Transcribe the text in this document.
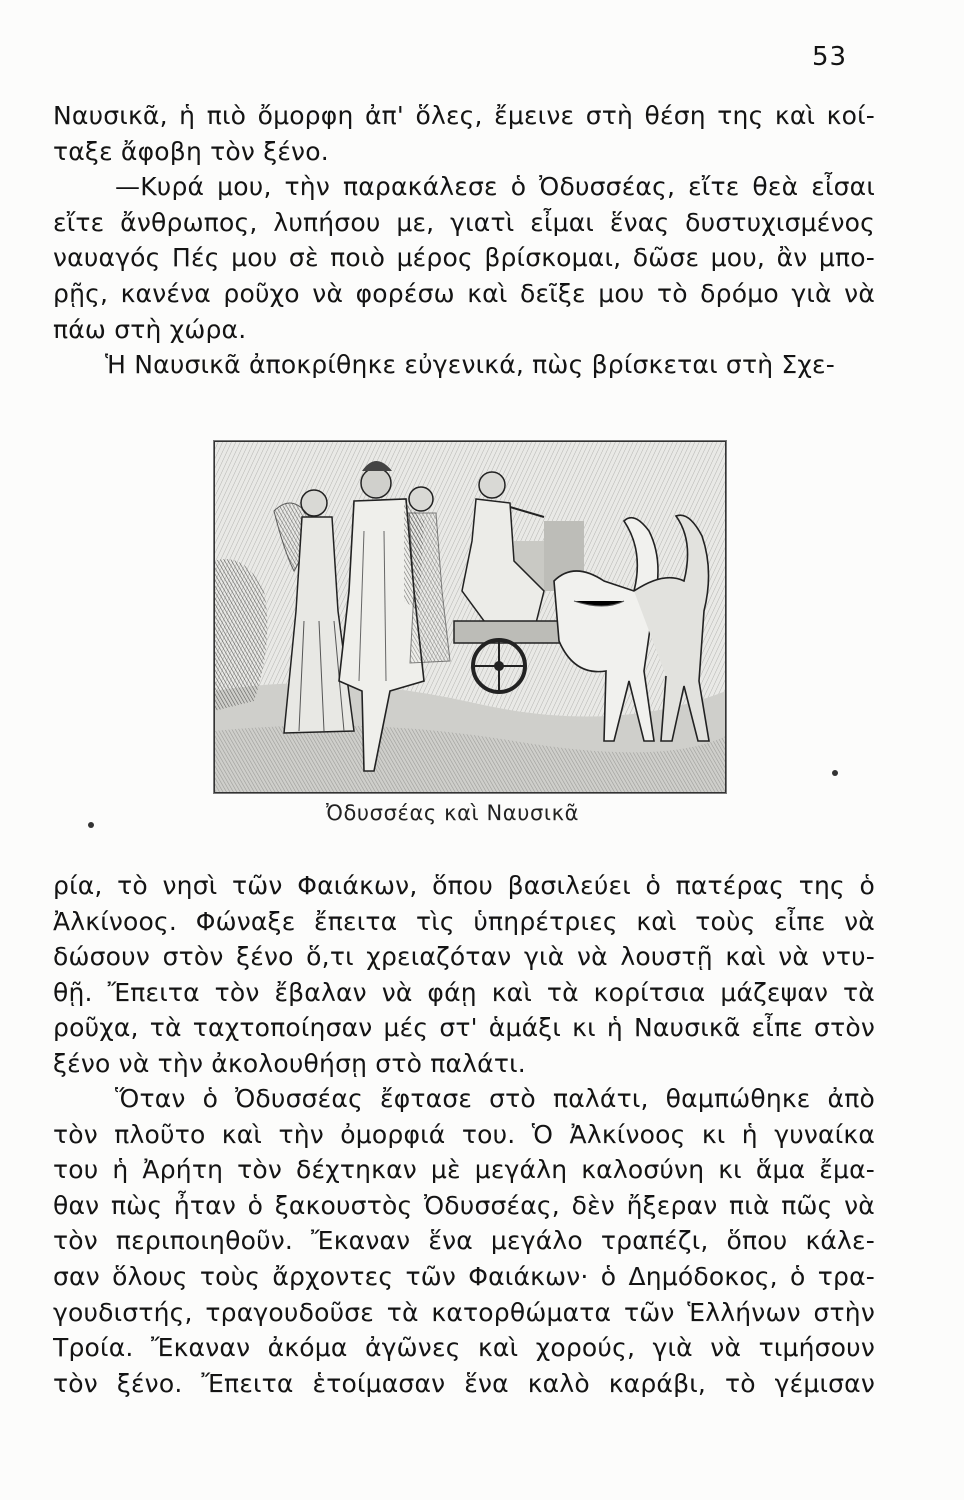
53
Ναυσικᾶ, ἡ πιὸ ὄμορφη ἀπ' ὅλες, ἔμεινε στὴ θέση της καὶ κοί-
ταξε ἄφοβη τὸν ξένο.
—Κυρά μου, τὴν παρακάλεσε ὁ Ὀδυσσέας, εἴτε θεὰ εἶσαι
εἴτε ἄνθρωπος, λυπήσου με, γιατὶ εἶμαι ἕνας δυστυχισμένος
ναυαγός Πές μου σὲ ποιὸ μέρος βρίσκομαι, δῶσε μου, ἂν μπο-
ρῇς, κανένα ροῦχο νὰ φορέσω καὶ δεῖξε μου τὸ δρόμο γιὰ νὰ
πάω στὴ χώρα.
Ἡ Ναυσικᾶ ἀποκρίθηκε εὐγενικά, πὼς βρίσκεται στὴ Σχε-
Ὀδυσσέας καὶ Ναυσικᾶ
ρία, τὸ νησὶ τῶν Φαιάκων, ὅπου βασιλεύει ὁ πατέρας της ὁ
Ἀλκίνοος. Φώναξε ἔπειτα τὶς ὑπηρέτριες καὶ τοὺς εἶπε νὰ
δώσουν στὸν ξένο ὅ,τι χρειαζόταν γιὰ νὰ λουστῇ καὶ νὰ ντυ-
θῇ. Ἔπειτα τὸν ἔβαλαν νὰ φάῃ καὶ τὰ κορίτσια μάζεψαν τὰ
ροῦχα, τὰ ταχτοποίησαν μές στ' ἁμάξι κι ἡ Ναυσικᾶ εἶπε στὸν
ξένο νὰ τὴν ἀκολουθήσῃ στὸ παλάτι.
Ὅταν ὁ Ὀδυσσέας ἔφτασε στὸ παλάτι, θαμπώθηκε ἀπὸ
τὸν πλοῦτο καὶ τὴν ὀμορφιά του. Ὁ Ἀλκίνοος κι ἡ γυναίκα
του ἡ Ἀρήτη τὸν δέχτηκαν μὲ μεγάλη καλοσύνη κι ἅμα ἔμα-
θαν πὼς ἦταν ὁ ξακουστὸς Ὀδυσσέας, δὲν ἤξεραν πιὰ πῶς νὰ
τὸν περιποιηθοῦν. Ἔκαναν ἕνα μεγάλο τραπέζι, ὅπου κάλε-
σαν ὅλους τοὺς ἄρχοντες τῶν Φαιάκων· ὁ Δημόδοκος, ὁ τρα-
γουδιστής, τραγουδοῦσε τὰ κατορθώματα τῶν Ἑλλήνων στὴν
Τροία. Ἔκαναν ἀκόμα ἀγῶνες καὶ χορούς, γιὰ νὰ τιμήσουν
τὸν ξένο. Ἔπειτα ἑτοίμασαν ἕνα καλὸ καράβι, τὸ γέμισαν
